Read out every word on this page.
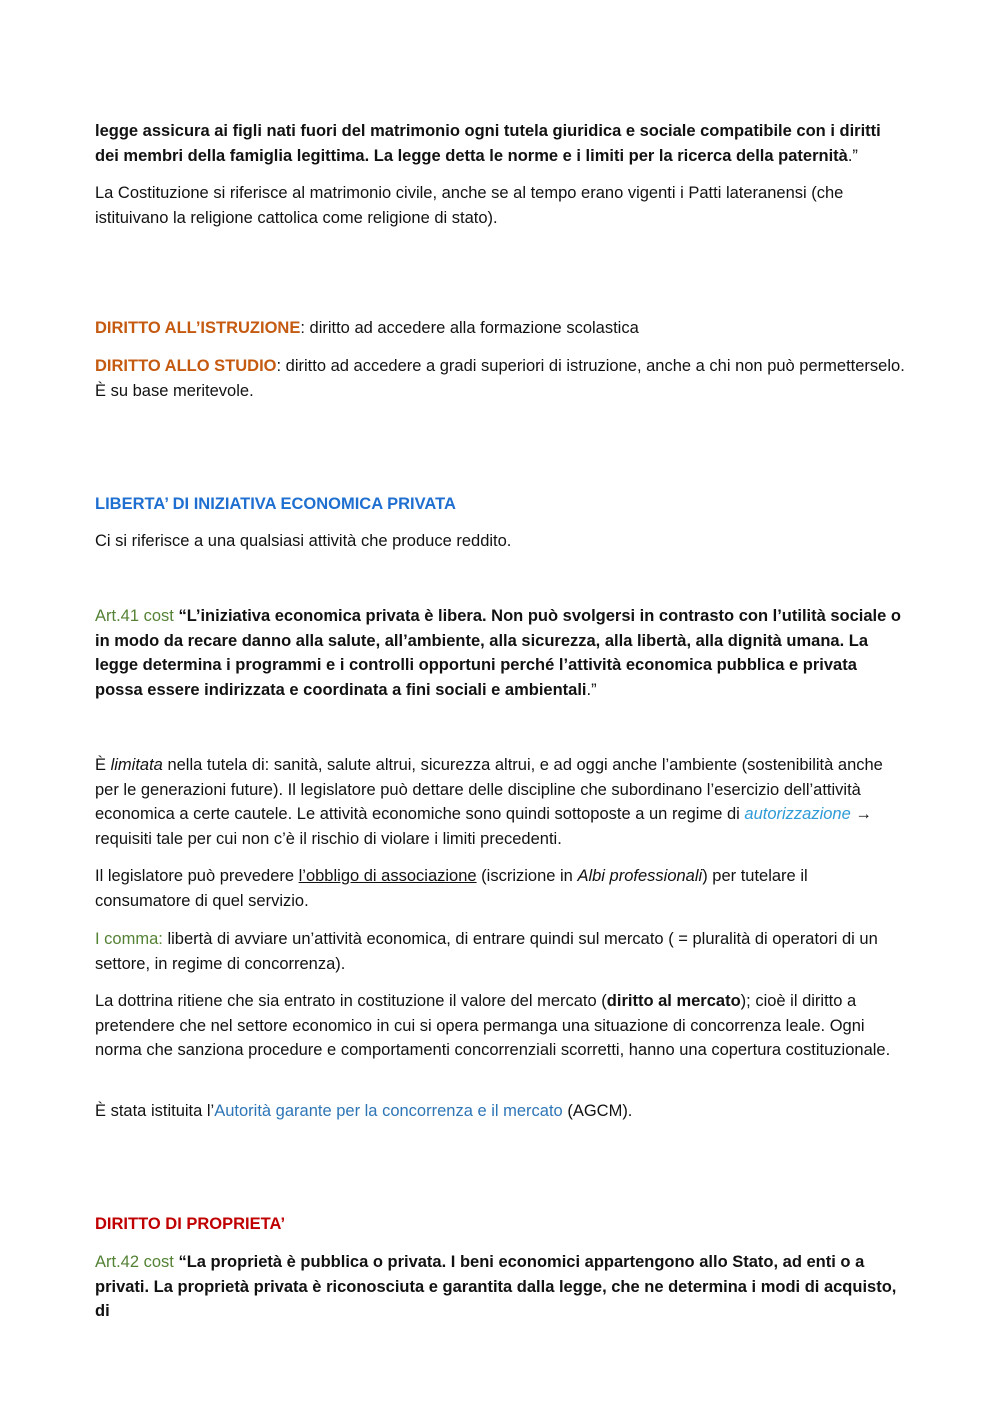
legge assicura ai figli nati fuori del matrimonio ogni tutela giuridica e sociale compatibile con i diritti dei membri della famiglia legittima. La legge detta le norme e i limiti per la ricerca della paternità.”

La Costituzione si riferisce al matrimonio civile, anche se al tempo erano vigenti i Patti lateranensi (che istituivano la religione cattolica come religione di stato).

DIRITTO ALL’ISTRUZIONE: diritto ad accedere alla formazione scolastica

DIRITTO ALLO STUDIO: diritto ad accedere a gradi superiori di istruzione, anche a chi non può permetterselo. È su base meritevole.

LIBERTA’ DI INIZIATIVA ECONOMICA PRIVATA

Ci si riferisce a una qualsiasi attività che produce reddito.

Art.41 cost “L’iniziativa economica privata è libera. Non può svolgersi in contrasto con l’utilità sociale o in modo da recare danno alla salute, all’ambiente, alla sicurezza, alla libertà, alla dignità umana. La legge determina i programmi e i controlli opportuni perché l’attività economica pubblica e privata possa essere indirizzata e coordinata a fini sociali e ambientali.”

È limitata nella tutela di: sanità, salute altrui, sicurezza altrui, e ad oggi anche l’ambiente (sostenibilità anche per le generazioni future). Il legislatore può dettare delle discipline che subordinano l’esercizio dell’attività economica a certe cautele. Le attività economiche sono quindi sottoposte a un regime di autorizzazione → requisiti tale per cui non c’è il rischio di violare i limiti precedenti.

Il legislatore può prevedere l’obbligo di associazione (iscrizione in Albi professionali) per tutelare il consumatore di quel servizio.

I comma: libertà di avviare un’attività economica, di entrare quindi sul mercato ( = pluralità di operatori di un settore, in regime di concorrenza).

La dottrina ritiene che sia entrato in costituzione il valore del mercato (diritto al mercato); cioè il diritto a pretendere che nel settore economico in cui si opera permanga una situazione di concorrenza leale. Ogni norma che sanziona procedure e comportamenti concorrenziali scorretti, hanno una copertura costituzionale.

È stata istituita l’Autorità garante per la concorrenza e il mercato (AGCM).

DIRITTO DI PROPRIETA’

Art.42 cost “La proprietà è pubblica o privata. I beni economici appartengono allo Stato, ad enti o a privati. La proprietà privata è riconosciuta e garantita dalla legge, che ne determina i modi di acquisto, di
